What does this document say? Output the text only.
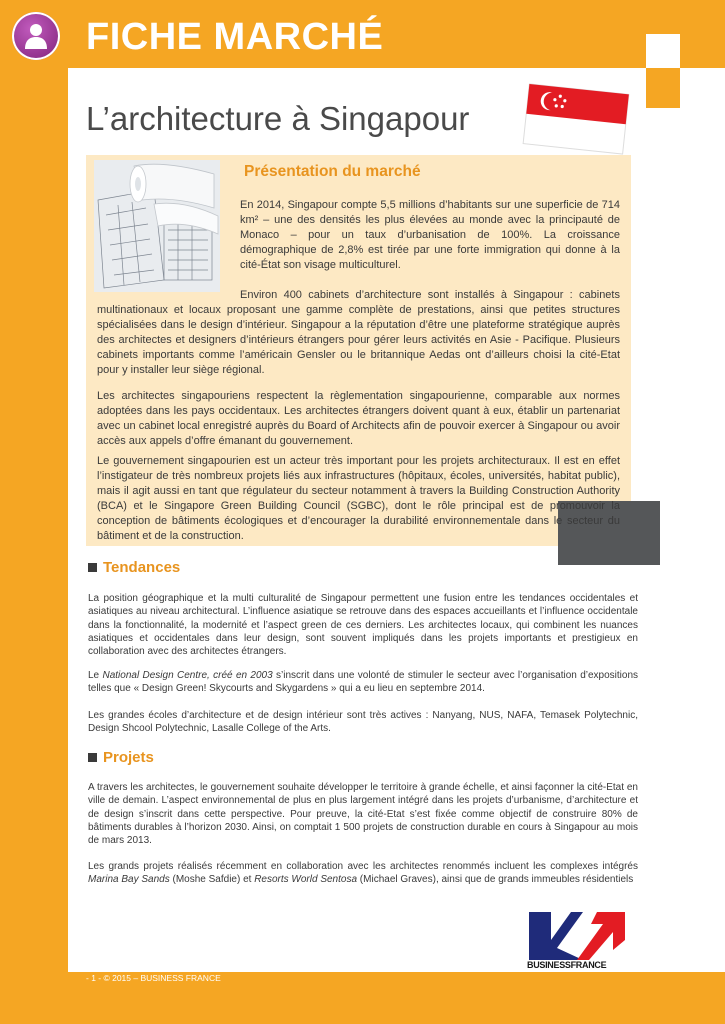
FICHE MARCHÉ
L’architecture à Singapour
Présentation du marché

En 2014, Singapour compte 5,5 millions d’habitants sur une superficie de 714 km² – une des densités les plus élevées au monde avec la principauté de Monaco – pour un taux d’urbanisation de 100%. La croissance démographique de 2,8% est tirée par une forte immigration qui donne à la cité-État son visage multiculturel.

Environ 400 cabinets d’architecture sont installés à Singapour : cabinets multinationaux et locaux proposant une gamme complète de prestations, ainsi que petites structures spécialisées dans le design d’intérieur. Singapour a la réputation d’être une plateforme stratégique auprès des architectes et designers d’intérieurs étrangers pour gérer leurs activités en Asie - Pacifique. Plusieurs cabinets importants comme l’américain Gensler ou le britannique Aedas ont d’ailleurs choisi la cité-Etat pour y installer leur siège régional.

Les architectes singapouriens respectent la règlementation singapourienne, comparable aux normes adoptées dans les pays occidentaux. Les architectes étrangers doivent quant à eux, établir un partenariat avec un cabinet local enregistré auprès du Board of Architects afin de pouvoir exercer à Singapour ou avoir accès aux appels d’offre émanant du gouvernement.

Le gouvernement singapourien est un acteur très important pour les projets architecturaux. Il est en effet l’instigateur de très nombreux projets liés aux infrastructures (hôpitaux, écoles, universités, habitat public), mais il agit aussi en tant que régulateur du secteur notamment à travers la Building Construction Authority (BCA) et le Singapore Green Building Council (SGBC), dont le rôle principal est de promouvoir la conception de bâtiments écologiques et d’encourager la durabilité environnementale dans le secteur du bâtiment et de la construction.

Tendances

La position géographique et la multi culturalité de Singapour permettent une fusion entre les tendances occidentales et asiatiques au niveau architectural. L’influence asiatique se retrouve dans des espaces accueillants et l’influence occidentale dans la fonctionnalité, la modernité et l’aspect green de ces derniers. Les architectes locaux, qui combinent les nuances asiatiques et occidentales dans leur design, sont souvent impliqués dans les projets importants et prestigieux en collaboration avec des architectes étrangers.

Le National Design Centre, créé en 2003 s’inscrit dans une volonté de stimuler le secteur avec l’organisation d’expositions telles que « Design Green! Skycourts and Skygardens » qui a eu lieu en septembre 2014.

Les grandes écoles d’architecture et de design intérieur sont très actives : Nanyang, NUS, NAFA, Temasek Polytechnic, Design Shcool Polytechnic, Lasalle College of the Arts.

Projets

A travers les architectes, le gouvernement souhaite développer le territoire à grande échelle, et ainsi façonner la cité-Etat en ville de demain. L’aspect environnemental de plus en plus largement intégré dans les projets d’urbanisme, d’architecture et de design s’inscrit dans cette perspective. Pour preuve, la cité-Etat s’est fixée comme objectif de construire 80% de bâtiments durables à l’horizon 2030. Ainsi, on comptait 1 500 projets de construction durable en cours à Singapour au mois de mars 2013.

Les grands projets réalisés récemment en collaboration avec les architectes renommés incluent les complexes intégrés Marina Bay Sands (Moshe Safdie) et Resorts World Sentosa (Michael Graves), ainsi que de grands immeubles résidentiels

BUSINESSFRANCE

- 1 - © 2015 – BUSINESS FRANCE
